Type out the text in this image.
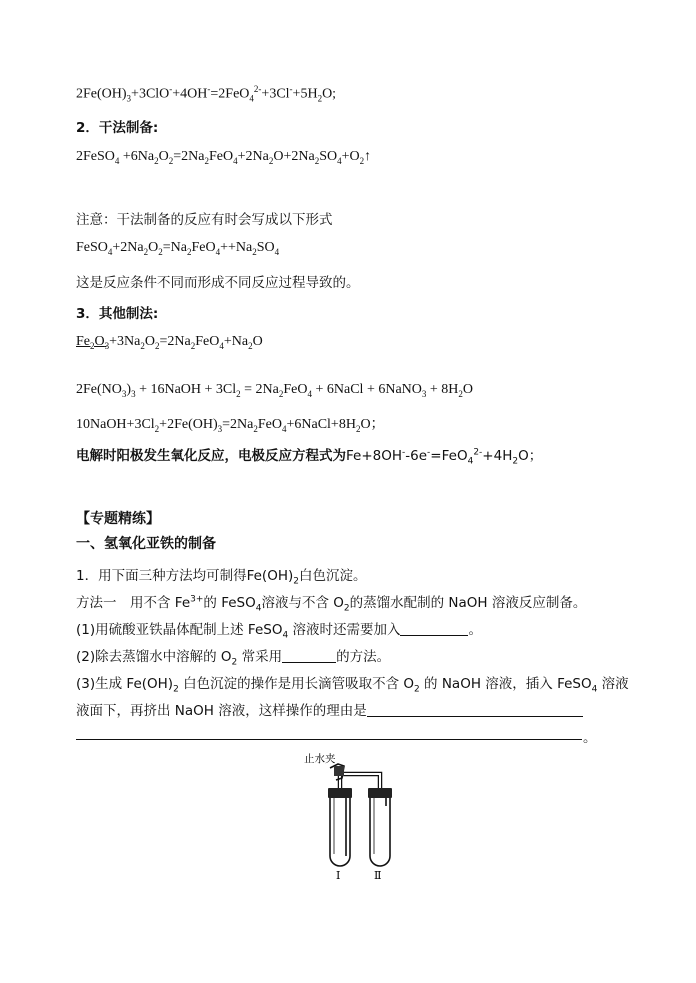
$2Fe(OH)_3+3ClO^-+4OH^-=2FeO_4^{2-}+3Cl^-+5H_2O$;
2．干法制备:
2FeSO$_4$ $+6Na_2O_2=2Na_2FeO_4+2Na_2O+2Na_2SO_4+O_2↑$
注意：干法制备的反应有时会写成以下形式
$FeSO_4+2Na_2O_2=Na_2FeO_4++Na_2SO_4$
这是反应条件不同而形成不同反应过程导致的。
3．其他制法:
$Fe_2O_3+3Na_2O_2=2Na_2FeO_4+Na_2O$
$2Fe(NO_3)_3$ + 16NaOH + $3Cl_2 = 2Na_2FeO_4$ + 6NaCl + 6NaNO$_3$ + $8H_2O$
$10NaOH+3Cl_2+2Fe(OH)_3=2Na_2FeO_4+6NaCl+8H_2O$；
电解时阳极发生氧化反应，电极反应方程式为$Fe+8OH^--6e^-=FeO_4^{2-}+4H_2O$；
【专题精练】
一、氢氧化亚铁的制备
1．用下面三种方法均可制得$Fe(OH)_2$白色沉淀。
方法一　用不含 $Fe^{3+}$的 FeSO$_4$溶液与不含 $O_2$的蒸馏水配制的 NaOH 溶液反应制备。
(1)用硫酸亚铁晶体配制上述 FeSO$_4$ 溶液时还需要加入	。
(2)除去蒸馏水中溶解的 $O_2$ 常采用	的方法。
(3)生成 $Fe(OH)_2$ 白色沉淀的操作是用长滴管吸取不含 $O_2$ 的 NaOH 溶液，插入 FeSO$_4$ 溶液
液面下，再挤出 NaOH 溶液，这样操作的理由是
。
止水夹
Ⅰ	Ⅱ
